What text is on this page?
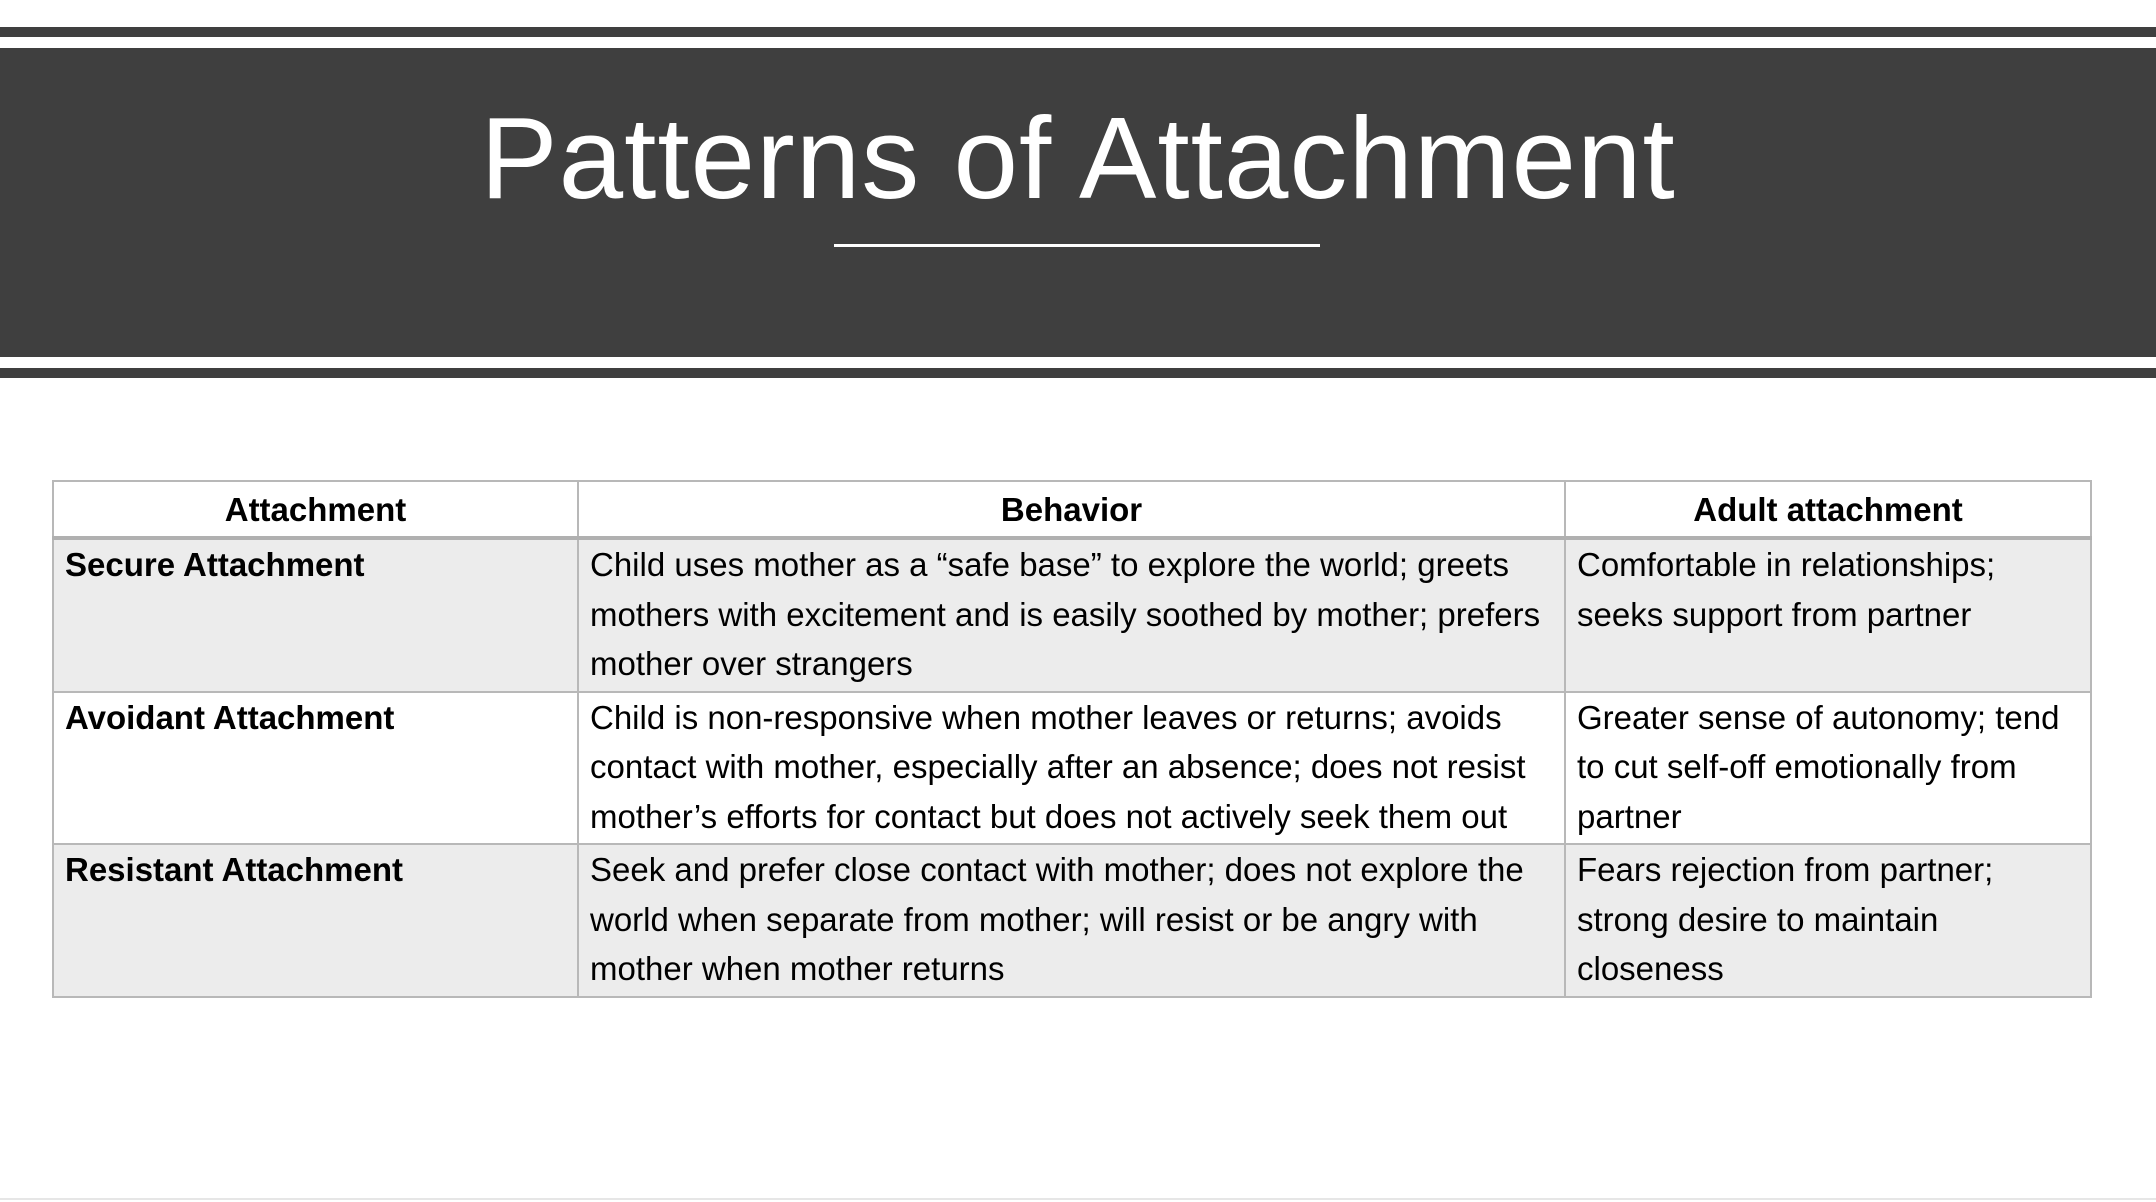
Patterns of Attachment
Attachment	Behavior	Adult attachment
Secure Attachment	Child uses mother as a “safe base” to explore the world; greets mothers with excitement and is easily soothed by mother; prefers mother over strangers	Comfortable in relationships; seeks support from partner
Avoidant Attachment	Child is non-responsive when mother leaves or returns; avoids contact with mother, especially after an absence; does not resist mother’s efforts for contact but does not actively seek them out	Greater sense of autonomy; tend to cut self-off emotionally from partner
Resistant Attachment	Seek and prefer close contact with mother; does not explore the world when separate from mother; will resist or be angry with mother when mother returns	Fears rejection from partner; strong desire to maintain closeness
